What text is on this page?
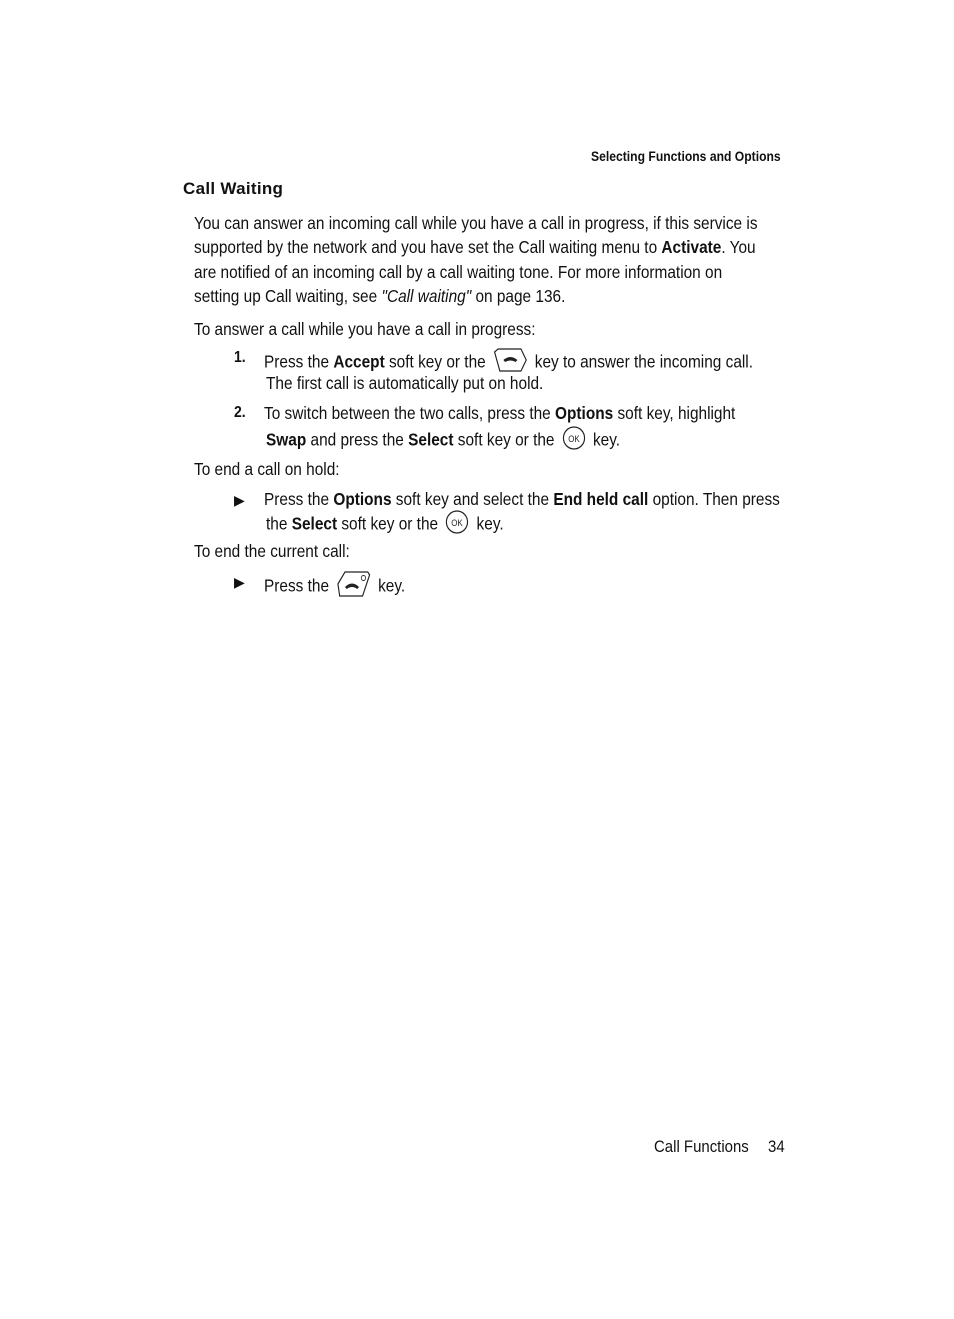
Selecting Functions and Options
Call Waiting
You can answer an incoming call while you have a call in progress, if this service is
supported by the network and you have set the Call waiting menu to Activate. You
are notified of an incoming call by a call waiting tone. For more information on
setting up Call waiting, see "Call waiting" on page 136.
To answer a call while you have a call in progress:
1. Press the Accept soft key or the  key to answer the incoming call.
The first call is automatically put on hold.
2. To switch between the two calls, press the Options soft key, highlight
Swap and press the Select soft key or the OK key.
To end a call on hold:
▶ Press the Options soft key and select the End held call option. Then press
the Select soft key or the OK key.
To end the current call:
▶ Press the  key.
Call Functions 34
